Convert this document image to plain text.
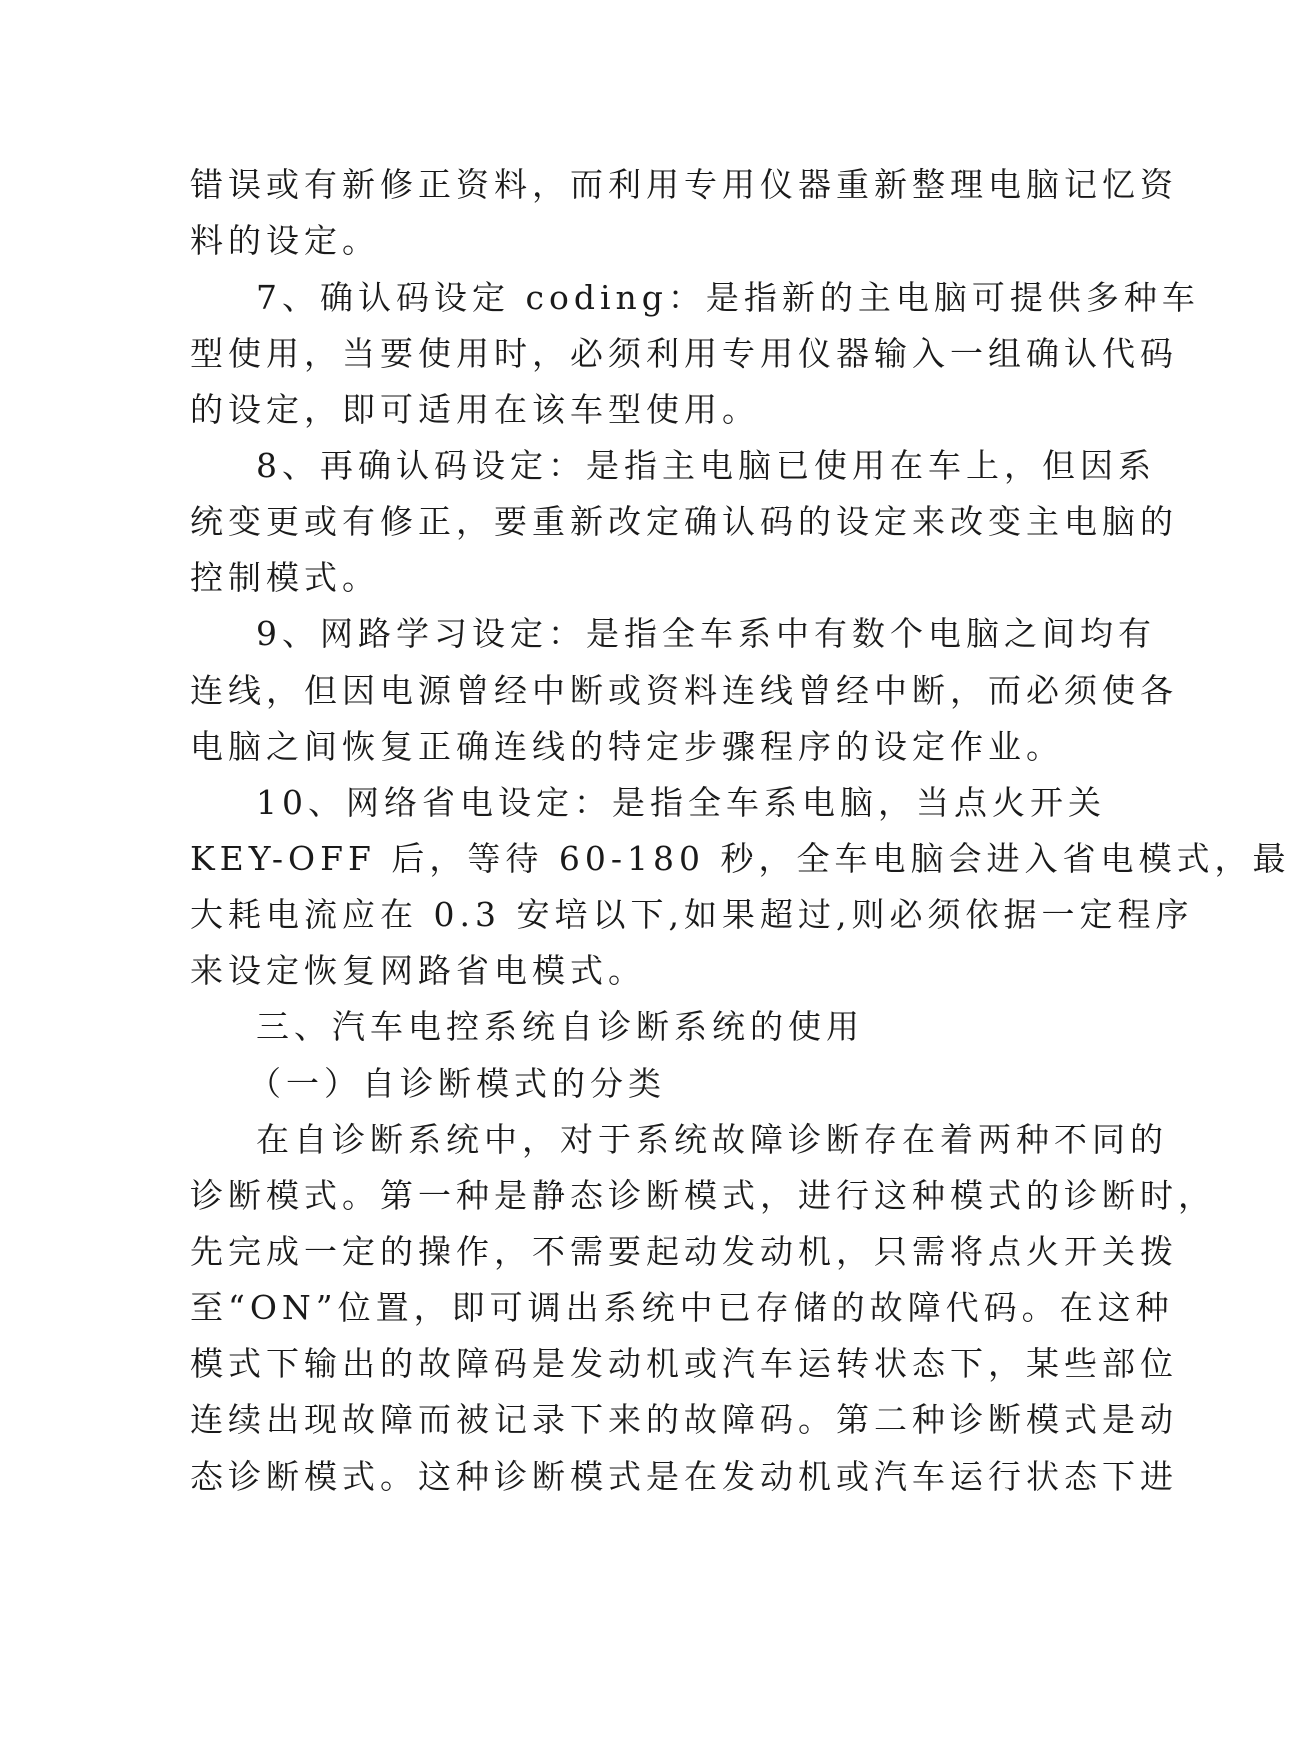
错误或有新修正资料，而利用专用仪器重新整理电脑记忆资
料的设定。
7、确认码设定 coding：是指新的主电脑可提供多种车
型使用，当要使用时，必须利用专用仪器输入一组确认代码
的设定，即可适用在该车型使用。
8、再确认码设定：是指主电脑已使用在车上，但因系
统变更或有修正，要重新改定确认码的设定来改变主电脑的
控制模式。
9、网路学习设定：是指全车系中有数个电脑之间均有
连线，但因电源曾经中断或资料连线曾经中断，而必须使各
电脑之间恢复正确连线的特定步骤程序的设定作业。
10、网络省电设定：是指全车系电脑，当点火开关
KEY-OFF 后，等待 60-180 秒，全车电脑会进入省电模式，最
大耗电流应在 0.3 安培以下,如果超过,则必须依据一定程序
来设定恢复网路省电模式。
三、汽车电控系统自诊断系统的使用
（一）自诊断模式的分类
在自诊断系统中，对于系统故障诊断存在着两种不同的
诊断模式。第一种是静态诊断模式，进行这种模式的诊断时，
先完成一定的操作，不需要起动发动机，只需将点火开关拨
至“ON”位置，即可调出系统中已存储的故障代码。在这种
模式下输出的故障码是发动机或汽车运转状态下，某些部位
连续出现故障而被记录下来的故障码。第二种诊断模式是动
态诊断模式。这种诊断模式是在发动机或汽车运行状态下进
